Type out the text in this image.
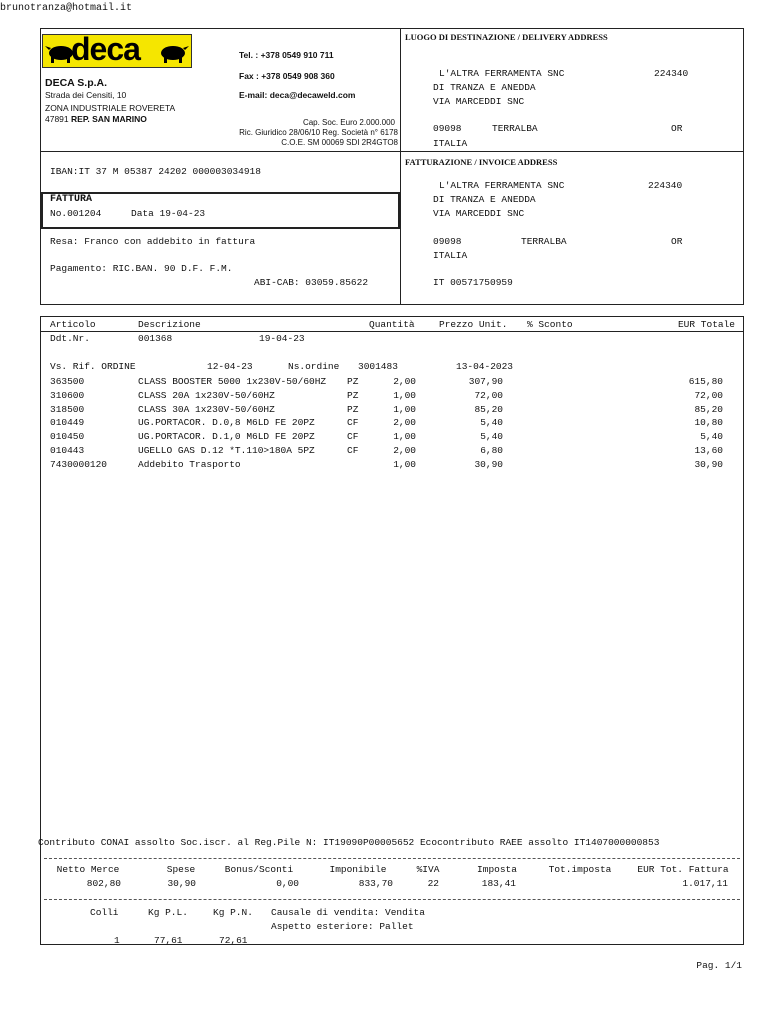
brunotranza@hotmail.it
deca	Tel. : +378 0549 910 711
Fax : +378 0549 908 360
E-mail: deca@decaweld.com
DECA S.p.A.
Strada dei Censiti, 10
ZONA INDUSTRIALE ROVERETA
47891 REP. SAN MARINO	Cap. Soc. Euro 2.000.000
Ric. Giuridico 28/06/10 Reg. Società n° 6178
C.O.E. SM 00069 SDI 2R4GTO8
LUOGO DI DESTINAZIONE / DELIVERY ADDRESS
L'ALTRA FERRAMENTA SNC	224340
DI TRANZA E ANEDDA
VIA MARCEDDI SNC
09098	TERRALBA	OR
ITALIA
FATTURAZIONE / INVOICE ADDRESS
L'ALTRA FERRAMENTA SNC	224340
DI TRANZA E ANEDDA
VIA MARCEDDI SNC
09098	TERRALBA	OR
ITALIA
IT 00571750959
IBAN:IT 37 M 05387 24202 000003034918
FATTURA
No.001204	Data 19-04-23
Resa: Franco con addebito in fattura
Pagamento: RIC.BAN. 90 D.F. F.M.
ABI-CAB: 03059.85622
Articolo	Descrizione	Quantità	Prezzo Unit. % Sconto	EUR Totale
Ddt.Nr.	001368	19-04-23
Vs. Rif. ORDINE	12-04-23	Ns.ordine 3001483	13-04-2023
363500	CLASS BOOSTER 5000 1x230V-50/60HZ PZ	2,00	307,90	615,80
310600	CLASS 20A 1x230V-50/60HZ	PZ	1,00	72,00	72,00
318500	CLASS 30A 1x230V-50/60HZ	PZ	1,00	85,20	85,20
010449	UG.PORTACOR. D.0,8 M6LD FE 20PZ	CF	2,00	5,40	10,80
010450	UG.PORTACOR. D.1,0 M6LD FE 20PZ	CF	1,00	5,40	5,40
010443	UGELLO GAS D.12 *T.110>180A 5PZ	CF	2,00	6,80	13,60
7430000120	Addebito Trasporto	1,00	30,90	30,90
Contributo CONAI assolto Soc.iscr. al Reg.Pile N: IT19090P00005652 Ecocontributo RAEE assolto IT1407000000853
Netto Merce	Spese	Bonus/Sconti	Imponibile	%IVA	Imposta	Tot.imposta	EUR Tot. Fattura
802,80	30,90	0,00	833,70	22	183,41	1.017,11
Colli	Kg P.L.	Kg P.N. Causale di vendita: Vendita
Aspetto esteriore: Pallet
1	77,61	72,61
Pag. 1/1
